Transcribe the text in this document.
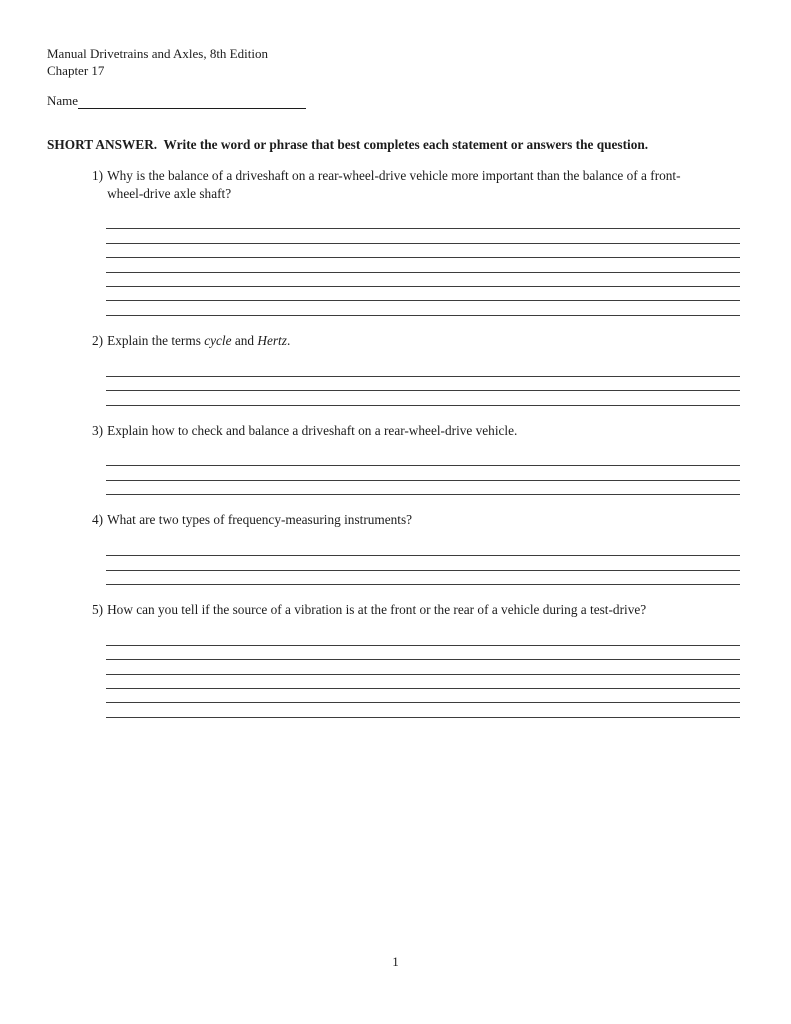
Manual Drivetrains and Axles, 8th Edition
Chapter 17
Name
SHORT ANSWER.  Write the word or phrase that best completes each statement or answers the question.
1) Why is the balance of a driveshaft on a rear-wheel-drive vehicle more important than the balance of a front-wheel-drive axle shaft?
2) Explain the terms cycle and Hertz.
3) Explain how to check and balance a driveshaft on a rear-wheel-drive vehicle.
4) What are two types of frequency-measuring instruments?
5) How can you tell if the source of a vibration is at the front or the rear of a vehicle during a test-drive?
1
